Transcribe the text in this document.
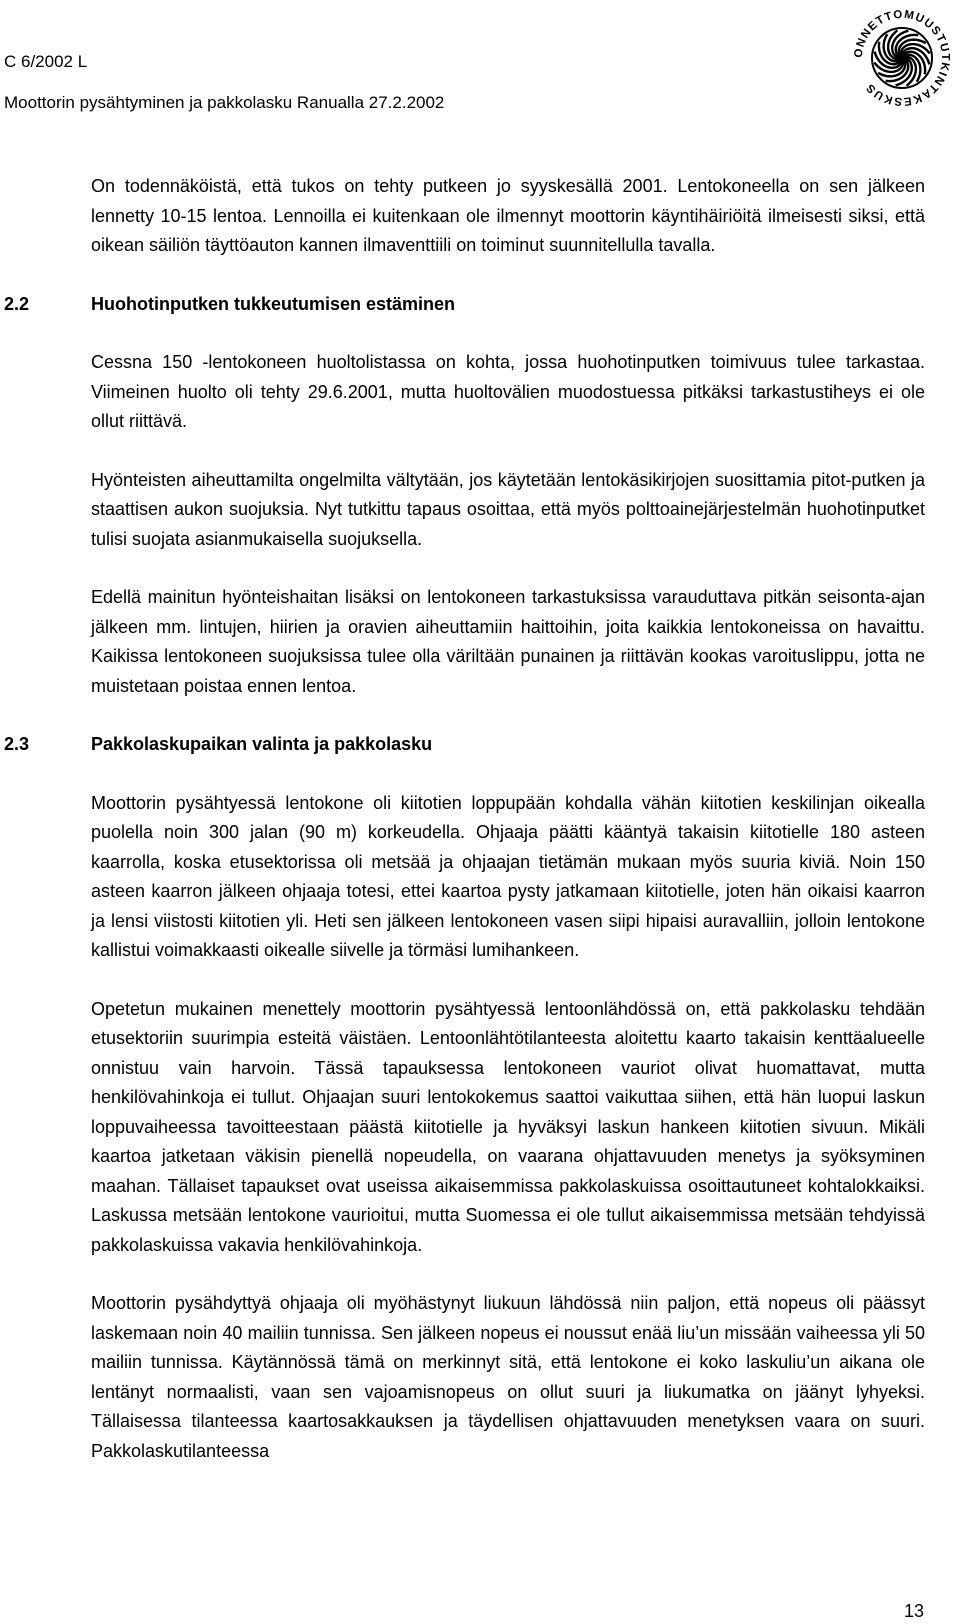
C 6/2002 L
Moottorin pysähtyminen ja pakkolasku Ranualla 27.2.2002
ONNETTOMUUSTUTKINTAKESKUS

On todennäköistä, että tukos on tehty putkeen jo syyskesällä 2001. Lentokoneella on sen jälkeen lennetty 10-15 lentoa. Lennoilla ei kuitenkaan ole ilmennyt moottorin käyntihäiriöitä ilmeisesti siksi, että oikean säiliön täyttöauton kannen ilmaventtiili on toiminut suunnitellulla tavalla.

2.2	Huohotinputken tukkeutumisen estäminen

Cessna 150 -lentokoneen huoltolistassa on kohta, jossa huohotinputken toimivuus tulee tarkastaa. Viimeinen huolto oli tehty 29.6.2001, mutta huoltovälien muodostuessa pitkäksi tarkastustiheys ei ole ollut riittävä.

Hyönteisten aiheuttamilta ongelmilta vältytään, jos käytetään lentokäsikirjojen suosittamia pitot-putken ja staattisen aukon suojuksia. Nyt tutkittu tapaus osoittaa, että myös polttoainejärjestelmän huohotinputket tulisi suojata asianmukaisella suojuksella.

Edellä mainitun hyönteishaitan lisäksi on lentokoneen tarkastuksissa varauduttava pitkän seisonta-ajan jälkeen mm. lintujen, hiirien ja oravien aiheuttamiin haittoihin, joita kaikkia lentokoneissa on havaittu. Kaikissa lentokoneen suojuksissa tulee olla väriltään punainen ja riittävän kookas varoituslippu, jotta ne muistetaan poistaa ennen lentoa.

2.3	Pakkolaskupaikan valinta ja pakkolasku

Moottorin pysähtyessä lentokone oli kiitotien loppupään kohdalla vähän kiitotien keskilinjan oikealla puolella noin 300 jalan (90 m) korkeudella. Ohjaaja päätti kääntyä takaisin kiitotielle 180 asteen kaarrolla, koska etusektorissa oli metsää ja ohjaajan tietämän mukaan myös suuria kiviä. Noin 150 asteen kaarron jälkeen ohjaaja totesi, ettei kaartoa pysty jatkamaan kiitotielle, joten hän oikaisi kaarron ja lensi viistosti kiitotien yli. Heti sen jälkeen lentokoneen vasen siipi hipaisi auravalliin, jolloin lentokone kallistui voimakkaasti oikealle siivelle ja törmäsi lumihankeen.

Opetetun mukainen menettely moottorin pysähtyessä lentoonlähdössä on, että pakkolasku tehdään etusektoriin suurimpia esteitä väistäen. Lentoonlähtötilanteesta aloitettu kaarto takaisin kenttäalueelle onnistuu vain harvoin. Tässä tapauksessa lentokoneen vauriot olivat huomattavat, mutta henkilövahinkoja ei tullut. Ohjaajan suuri lentokokemus saattoi vaikuttaa siihen, että hän luopui laskun loppuvaiheessa tavoitteestaan päästä kiitotielle ja hyväksyi laskun hankeen kiitotien sivuun. Mikäli kaartoa jatketaan väkisin pienellä nopeudella, on vaarana ohjattavuuden menetys ja syöksyminen maahan. Tällaiset tapaukset ovat useissa aikaisemmissa pakkolaskuissa osoittautuneet kohtalokkaiksi. Laskussa metsään lentokone vaurioitui, mutta Suomessa ei ole tullut aikaisemmissa metsään tehdyissä pakkolaskuissa vakavia henkilövahinkoja.

Moottorin pysähdyttyä ohjaaja oli myöhästynyt liukuun lähdössä niin paljon, että nopeus oli päässyt laskemaan noin 40 mailiin tunnissa. Sen jälkeen nopeus ei noussut enää liu’un missään vaiheessa yli 50 mailiin tunnissa. Käytännössä tämä on merkinnyt sitä, että lentokone ei koko laskuliu’un aikana ole lentänyt normaalisti, vaan sen vajoamisnopeus on ollut suuri ja liukumatka on jäänyt lyhyeksi. Tällaisessa tilanteessa kaartosakkauksen ja täydellisen ohjattavuuden menetyksen vaara on suuri. Pakkolaskutilanteessa

13
